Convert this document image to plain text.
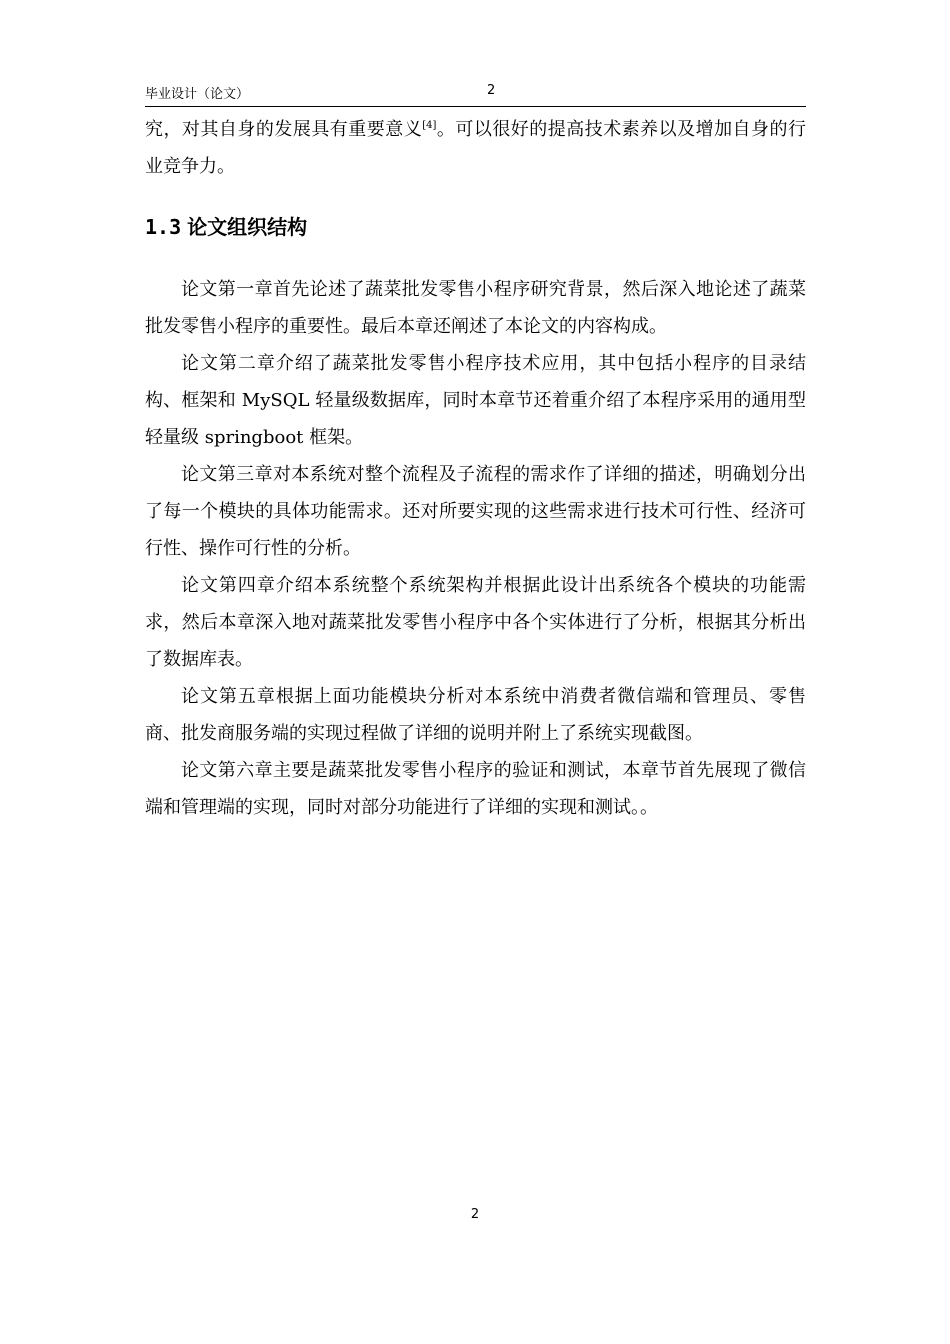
毕业设计（论文）	2

究，对其自身的发展具有重要意义[4]。可以很好的提高技术素养以及增加自身的行业竞争力。

1.3 论文组织结构

论文第一章首先论述了蔬菜批发零售小程序研究背景，然后深入地论述了蔬菜批发零售小程序的重要性。最后本章还阐述了本论文的内容构成。

论文第二章介绍了蔬菜批发零售小程序技术应用，其中包括小程序的目录结构、框架和 MySQL 轻量级数据库，同时本章节还着重介绍了本程序采用的通用型轻量级 springboot 框架。

论文第三章对本系统对整个流程及子流程的需求作了详细的描述，明确划分出了每一个模块的具体功能需求。还对所要实现的这些需求进行技术可行性、经济可行性、操作可行性的分析。

论文第四章介绍本系统整个系统架构并根据此设计出系统各个模块的功能需求，然后本章深入地对蔬菜批发零售小程序中各个实体进行了分析，根据其分析出了数据库表。

论文第五章根据上面功能模块分析对本系统中消费者微信端和管理员、零售商、批发商服务端的实现过程做了详细的说明并附上了系统实现截图。

论文第六章主要是蔬菜批发零售小程序的验证和测试，本章节首先展现了微信端和管理端的实现，同时对部分功能进行了详细的实现和测试。。

2
